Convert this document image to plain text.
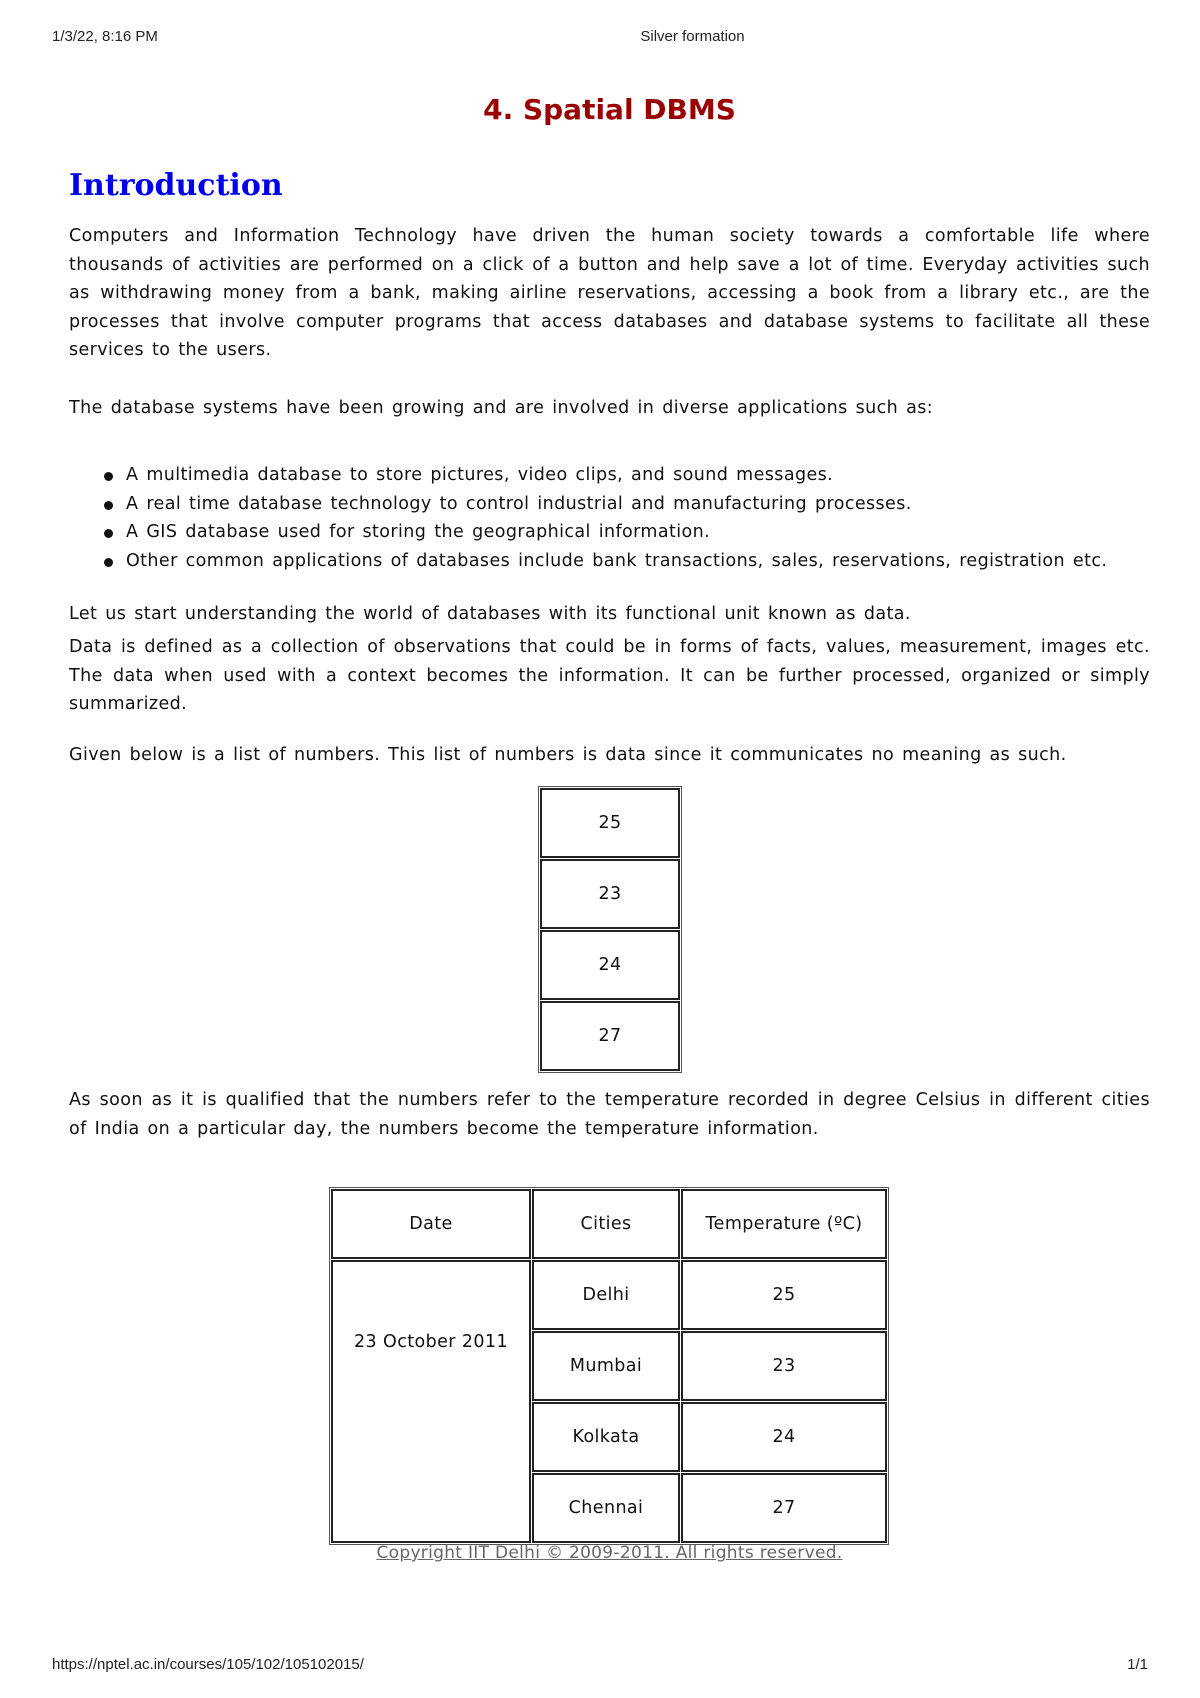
1/3/22, 8:16 PM	Silver formation
4. Spatial DBMS
Introduction

Computers and Information Technology have driven the human society towards a comfortable life where thousands of activities are performed on a click of a button and help save a lot of time. Everyday activities such as withdrawing money from a bank, making airline reservations, accessing a book from a library etc., are the processes that involve computer programs that access databases and database systems to facilitate all these services to the users.

The database systems have been growing and are involved in diverse applications such as:

A multimedia database to store pictures, video clips, and sound messages.
A real time database technology to control industrial and manufacturing processes.
A GIS database used for storing the geographical information.
Other common applications of databases include bank transactions, sales, reservations, registration etc.

Let us start understanding the world of databases with its functional unit known as data.

Data is defined as a collection of observations that could be in forms of facts, values, measurement, images etc. The data when used with a context becomes the information. It can be further processed, organized or simply summarized.

Given below is a list of numbers. This list of numbers is data since it communicates no meaning as such.

25
23
24
27

As soon as it is qualified that the numbers refer to the temperature recorded in degree Celsius in different cities of India on a particular day, the numbers become the temperature information.

Date	Cities	Temperature (ºC)
23 October 2011	Delhi	25
	Mumbai	23
	Kolkata	24
	Chennai	27
Copyright IIT Delhi © 2009-2011. All rights reserved.
https://nptel.ac.in/courses/105/102/105102015/	1/1
